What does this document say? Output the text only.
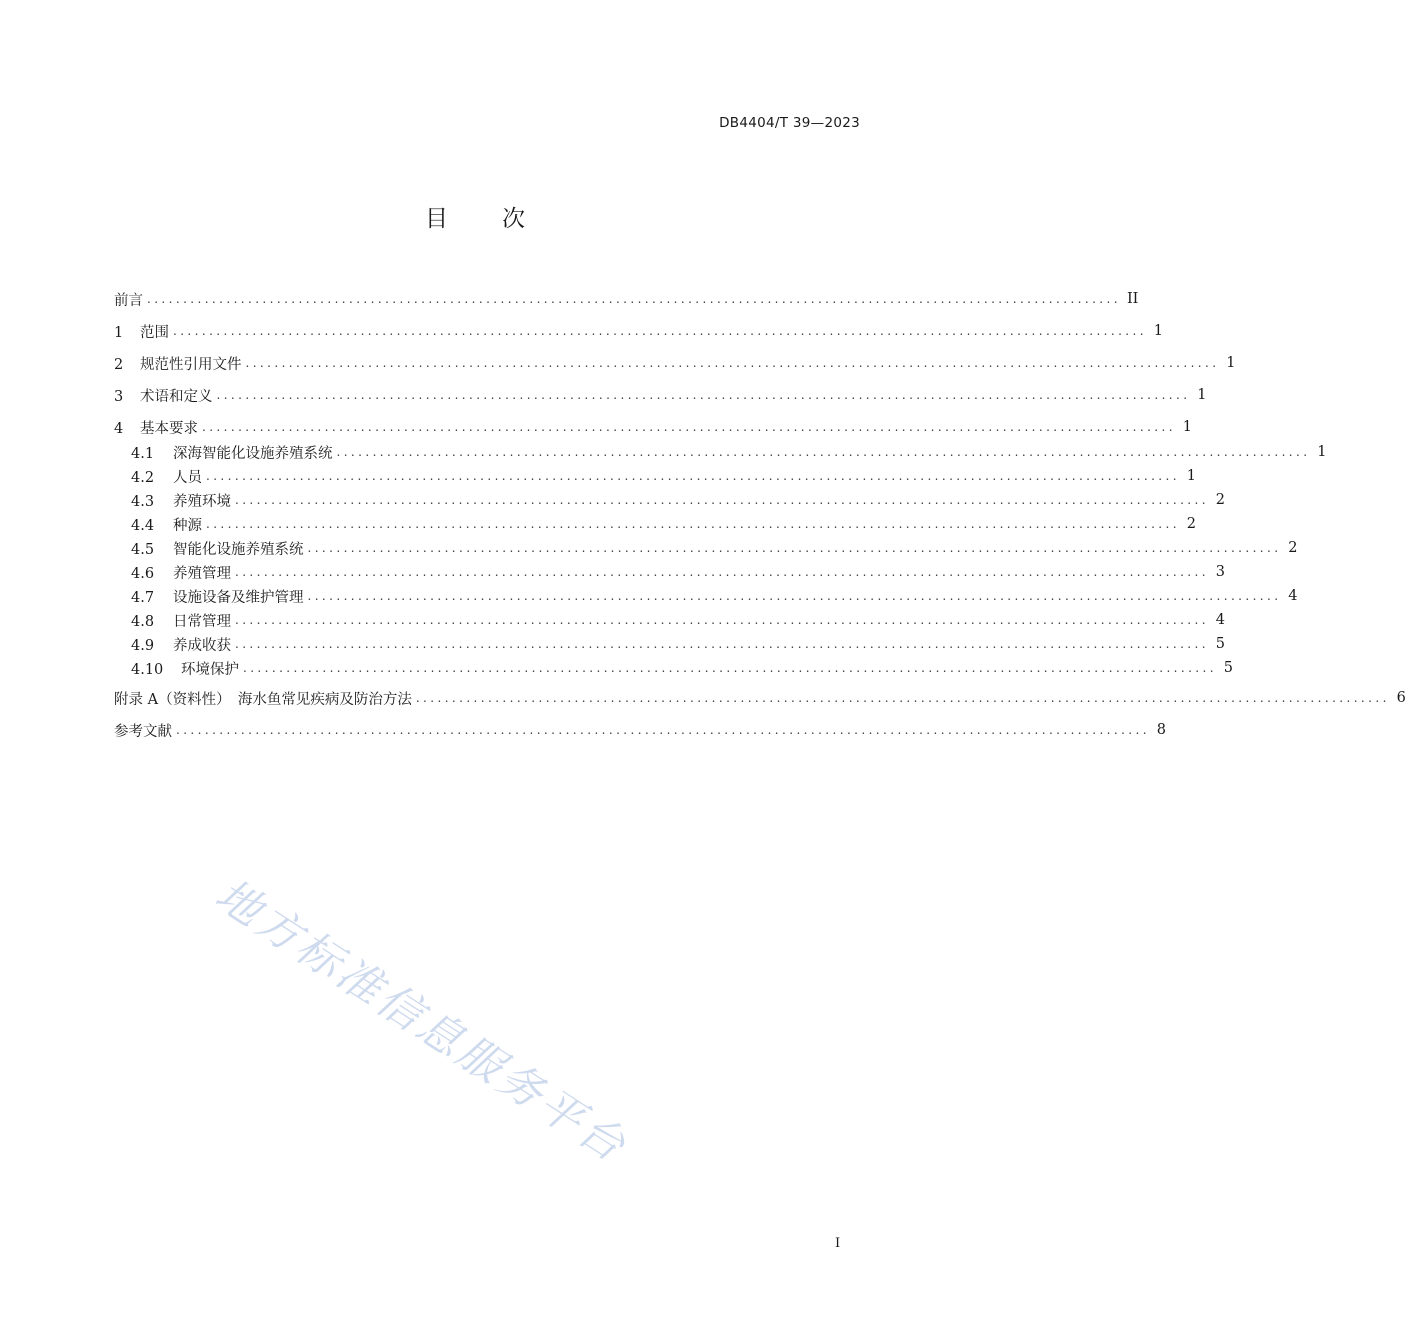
DB4404/T 39—2023
目 次
前言 ....................................................................................................................................... II
1 范围 ....................................................................................................................................... 1
2 规范性引用文件 ....................................................................................................................................... 1
3 术语和定义 ....................................................................................................................................... 1
4 基本要求 ....................................................................................................................................... 1
4.1 深海智能化设施养殖系统 ....................................................................................................................................... 1
4.2 人员 ....................................................................................................................................... 1
4.3 养殖环境 ....................................................................................................................................... 2
4.4 种源 ....................................................................................................................................... 2
4.5 智能化设施养殖系统 ....................................................................................................................................... 2
4.6 养殖管理 ....................................................................................................................................... 3
4.7 设施设备及维护管理 ....................................................................................................................................... 4
4.8 日常管理 ....................................................................................................................................... 4
4.9 养成收获 ....................................................................................................................................... 5
4.10 环境保护 ....................................................................................................................................... 5
附录 A（资料性）　海水鱼常见疾病及防治方法 ....................................................................................................................................... 6
参考文献 ....................................................................................................................................... 8
地方标准信息服务平台
I
